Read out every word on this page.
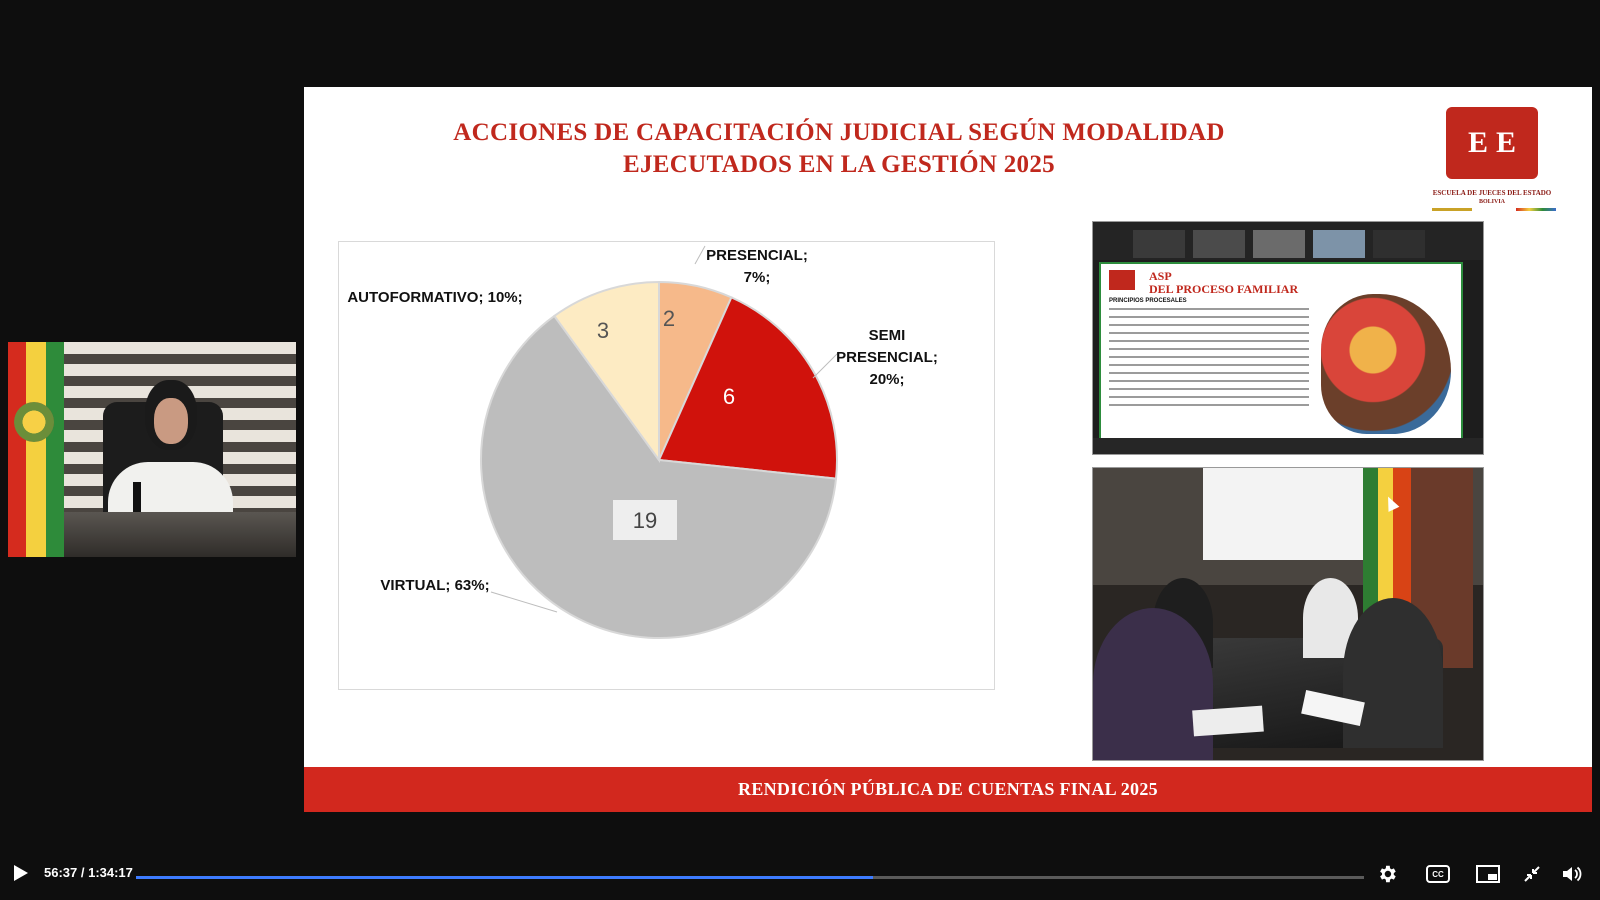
ACCIONES DE CAPACITACIÓN JUDICIAL SEGÚN MODALIDAD
EJECUTADOS EN LA GESTIÓN 2025
E E
ESCUELA DE JUECES DEL ESTADO
BOLIVIA
2
6
19
3
PRESENCIAL; 7%;
SEMI PRESENCIAL; 20%;
VIRTUAL; 63%;
AUTOFORMATIVO; 10%;
ASP
DEL PROCESO FAMILIAR
PRINCIPIOS PROCESALES
RENDICIÓN PÚBLICA DE CUENTAS FINAL 2025
56:37 / 1:34:17	CC
